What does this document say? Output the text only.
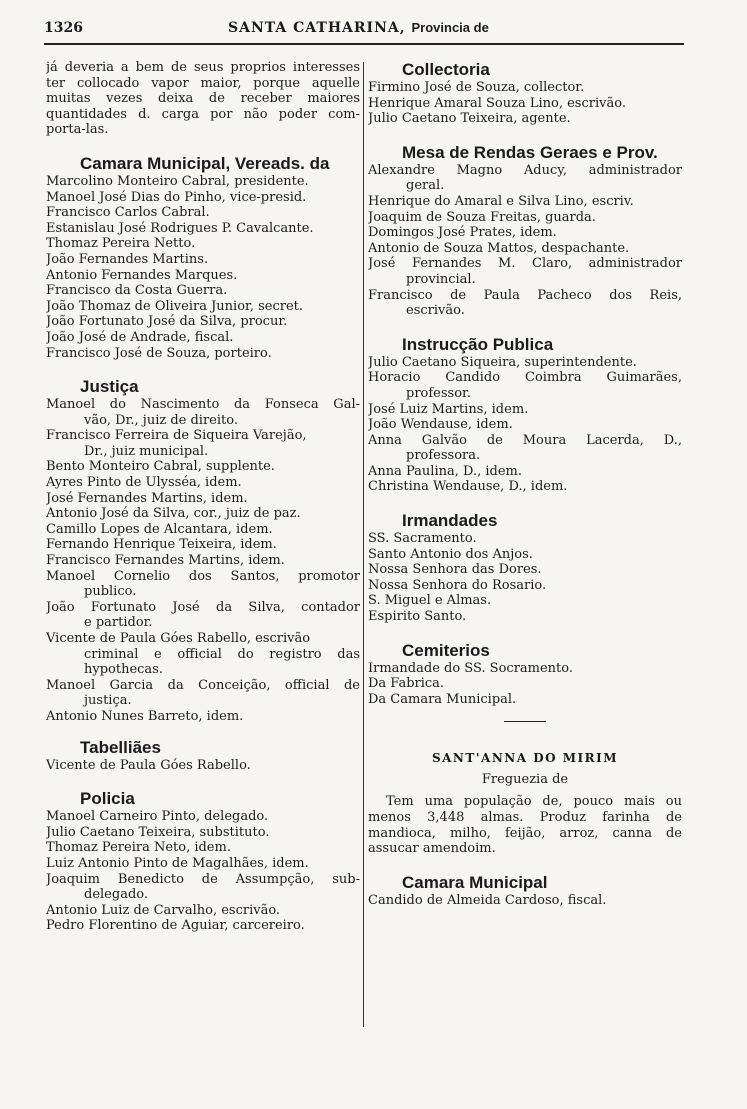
1326	SANTA CATHARINA, Provincia de
já deveria a bem de seus proprios interesses
ter collocado vapor maior, porque aquelle
muitas vezes deixa de receber maiores
quantidades d. carga por não poder com-
porta-las.
Camara Municipal, Vereads. da
Marcolino Monteiro Cabral, presidente.
Manoel José Dias do Pinho, vice-presid.
Francisco Carlos Cabral.
Estanislau José Rodrigues P. Cavalcante.
Thomaz Pereira Netto.
João Fernandes Martins.
Antonio Fernandes Marques.
Francisco da Costa Guerra.
João Thomaz de Oliveira Junior, secret.
João Fortunato José da Silva, procur.
João José de Andrade, fiscal.
Francisco José de Souza, porteiro.
Justiça
Manoel do Nascimento da Fonseca Gal-
vão, Dr., juiz de direito.
Francisco Ferreira de Siqueira Varejão,
Dr., juiz municipal.
Bento Monteiro Cabral, supplente.
Ayres Pinto de Ulysséa, idem.
José Fernandes Martins, idem.
Antonio José da Silva, cor., juiz de paz.
Camillo Lopes de Alcantara, idem.
Fernando Henrique Teixeira, idem.
Francisco Fernandes Martins, idem.
Manoel Cornelio dos Santos, promotor
publico.
João Fortunato José da Silva, contador
e partidor.
Vicente de Paula Góes Rabello, escrivão
criminal e official do registro das
hypothecas.
Manoel Garcia da Conceição, official de
justiça.
Antonio Nunes Barreto, idem.
Tabelliães
Vicente de Paula Góes Rabello.
Policia
Manoel Carneiro Pinto, delegado.
Julio Caetano Teixeira, substituto.
Thomaz Pereira Neto, idem.
Luiz Antonio Pinto de Magalhães, idem.
Joaquim Benedicto de Assumpção, sub-
delegado.
Antonio Luiz de Carvalho, escrivão.
Pedro Florentino de Aguiar, carcereiro.
Collectoria
Firmino José de Souza, collector.
Henrique Amaral Souza Lino, escrivão.
Julio Caetano Teixeira, agente.
Mesa de Rendas Geraes e Prov.
Alexandre Magno Aducy, administrador
geral.
Henrique do Amaral e Silva Lino, escriv.
Joaquim de Souza Freitas, guarda.
Domingos José Prates, idem.
Antonio de Souza Mattos, despachante.
José Fernandes M. Claro, administrador
provincial.
Francisco de Paula Pacheco dos Reis,
escrivão.
Instrucção Publica
Julio Caetano Siqueira, superintendente.
Horacio Candido Coimbra Guimarães,
professor.
José Luiz Martins, idem.
João Wendause, idem.
Anna Galvão de Moura Lacerda, D.,
professora.
Anna Paulina, D., idem.
Christina Wendause, D., idem.
Irmandades
SS. Sacramento.
Santo Antonio dos Anjos.
Nossa Senhora das Dores.
Nossa Senhora do Rosario.
S. Miguel e Almas.
Espirito Santo.
Cemiterios
Irmandade do SS. Socramento.
Da Fabrica.
Da Camara Municipal.
SANT'ANNA DO MIRIM
Freguezia de
Tem uma população de, pouco mais ou
menos 3,448 almas. Produz farinha de
mandioca, milho, feijão, arroz, canna de
assucar amendoim.
Camara Municipal
Candido de Almeida Cardoso, fiscal.
